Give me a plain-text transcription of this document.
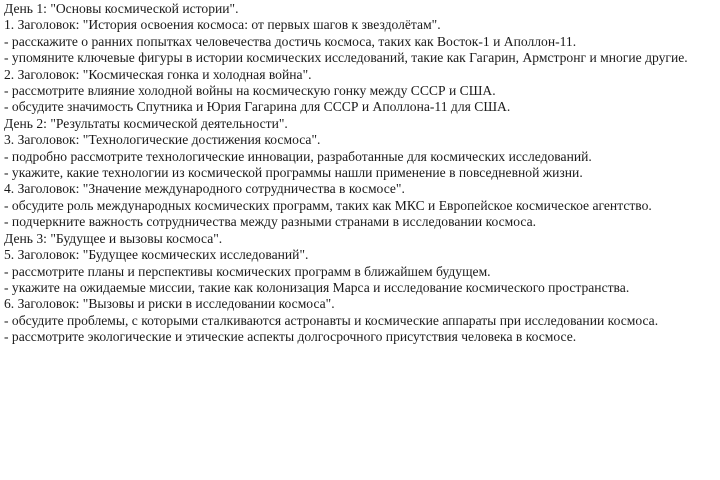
День 1: "Основы космической истории".
1. Заголовок: "История освоения космоса: от первых шагов к звездолётам".
- расскажите о ранних попытках человечества достичь космоса, таких как Восток-1 и Аполлон-11.
- упомяните ключевые фигуры в истории космических исследований, такие как Гагарин, Армстронг и многие другие.
2. Заголовок: "Космическая гонка и холодная война".
- рассмотрите влияние холодной войны на космическую гонку между СССР и США.
- обсудите значимость Спутника и Юрия Гагарина для СССР и Аполлона-11 для США.
День 2: "Результаты космической деятельности".
3. Заголовок: "Технологические достижения космоса".
- подробно рассмотрите технологические инновации, разработанные для космических исследований.
- укажите, какие технологии из космической программы нашли применение в повседневной жизни.
4. Заголовок: "Значение международного сотрудничества в космосе".
- обсудите роль международных космических программ, таких как МКС и Европейское космическое агентство.
- подчеркните важность сотрудничества между разными странами в исследовании космоса.
День 3: "Будущее и вызовы космоса".
5. Заголовок: "Будущее космических исследований".
- рассмотрите планы и перспективы космических программ в ближайшем будущем.
- укажите на ожидаемые миссии, такие как колонизация Марса и исследование космического пространства.
6. Заголовок: "Вызовы и риски в исследовании космоса".
- обсудите проблемы, с которыми сталкиваются астронавты и космические аппараты при исследовании космоса.
- рассмотрите экологические и этические аспекты долгосрочного присутствия человека в космосе.
